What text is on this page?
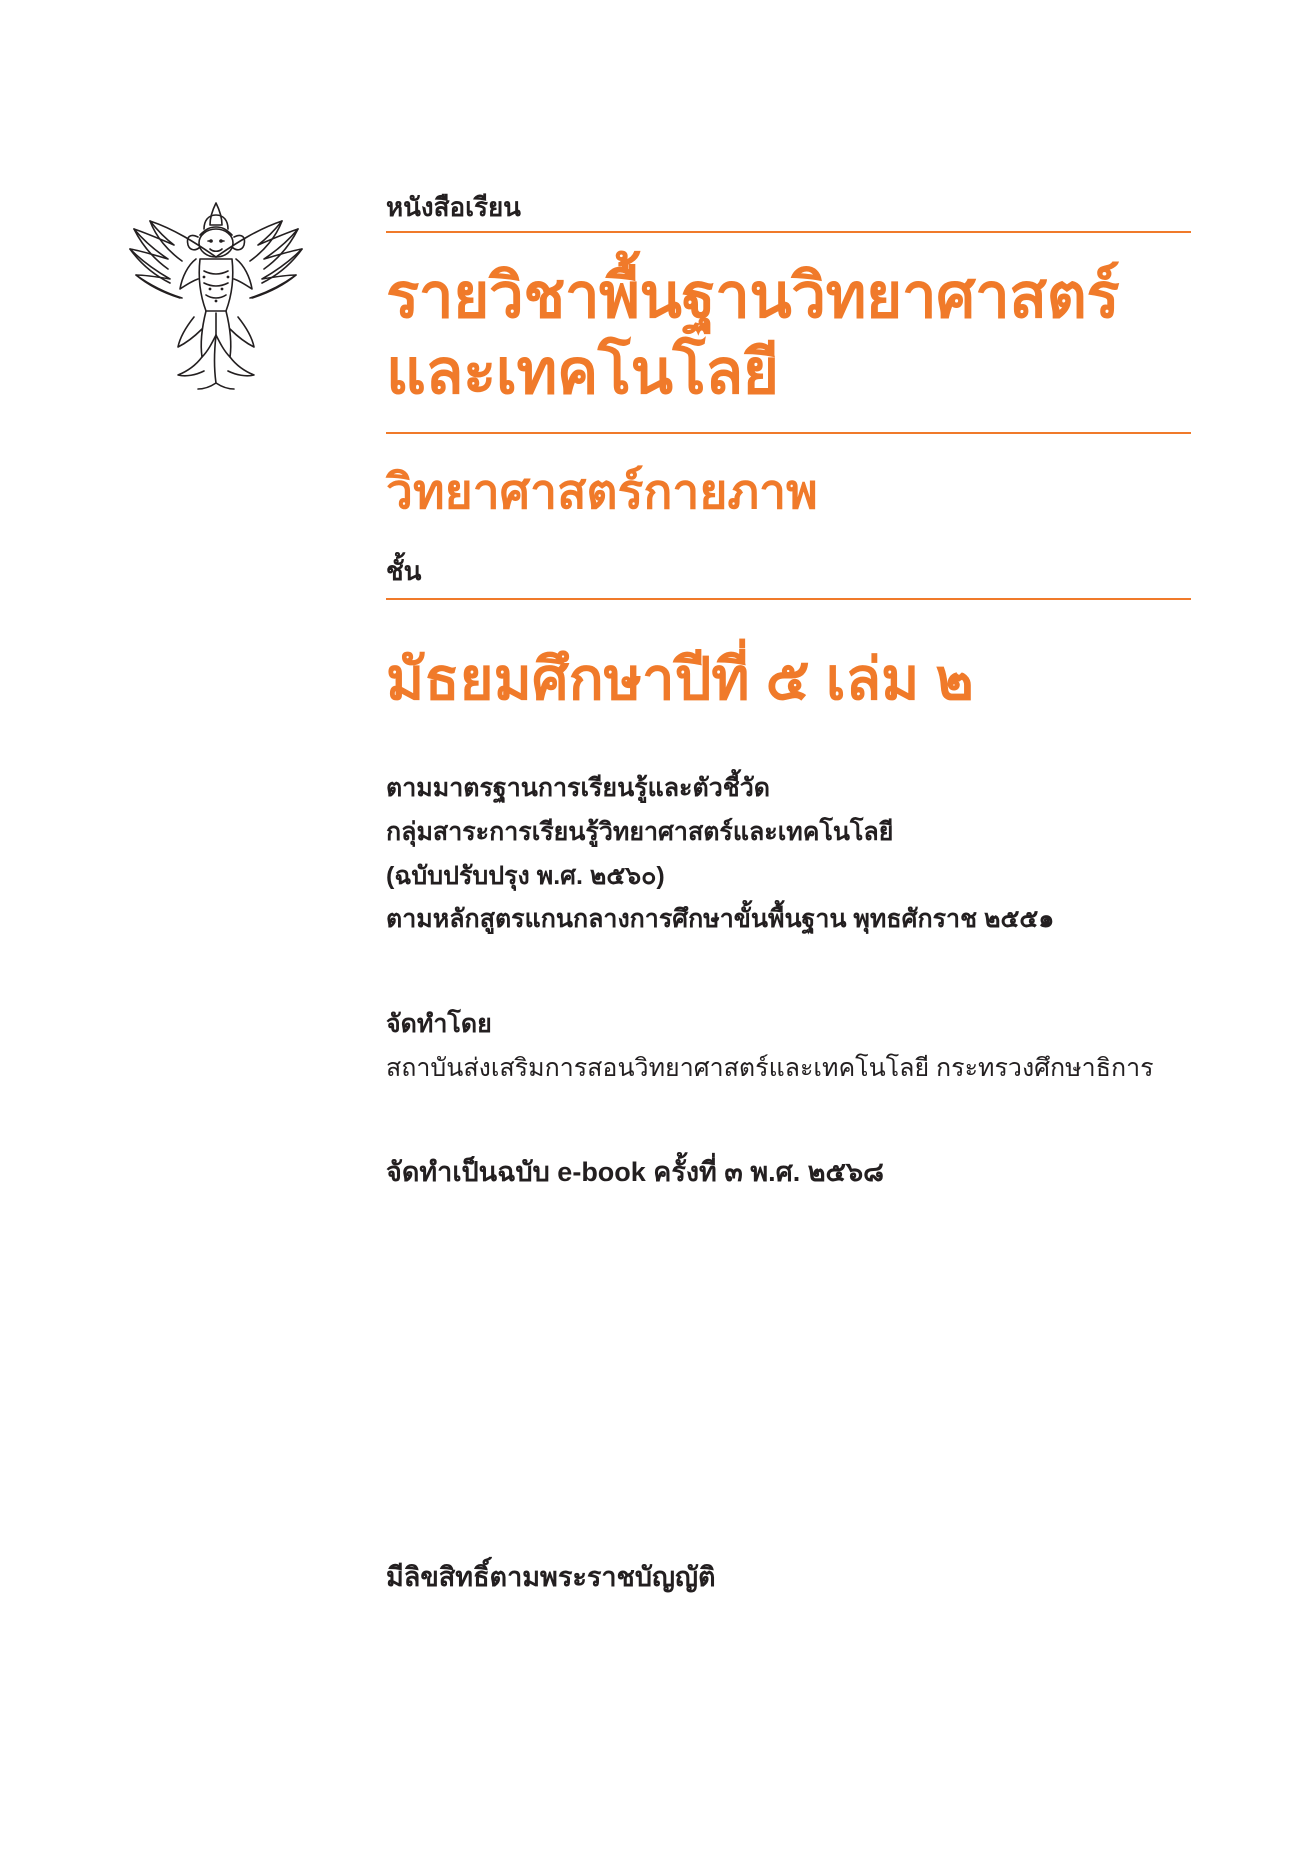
หนังสือเรียน
รายวิชาพื้นฐานวิทยาศาสตร์
และเทคโนโลยี
วิทยาศาสตร์กายภาพ
ชั้น
มัธยมศึกษาปีที่ ๕ เล่ม ๒
ตามมาตรฐานการเรียนรู้และตัวชี้วัด
กลุ่มสาระการเรียนรู้วิทยาศาสตร์และเทคโนโลยี
(ฉบับปรับปรุง พ.ศ. ๒๕๖๐)
ตามหลักสูตรแกนกลางการศึกษาขั้นพื้นฐาน พุทธศักราช ๒๕๕๑
จัดทำโดย
สถาบันส่งเสริมการสอนวิทยาศาสตร์และเทคโนโลยี กระทรวงศึกษาธิการ
จัดทำเป็นฉบับ e-book ครั้งที่ ๓ พ.ศ. ๒๕๖๘
มีลิขสิทธิ์ตามพระราชบัญญัติ
